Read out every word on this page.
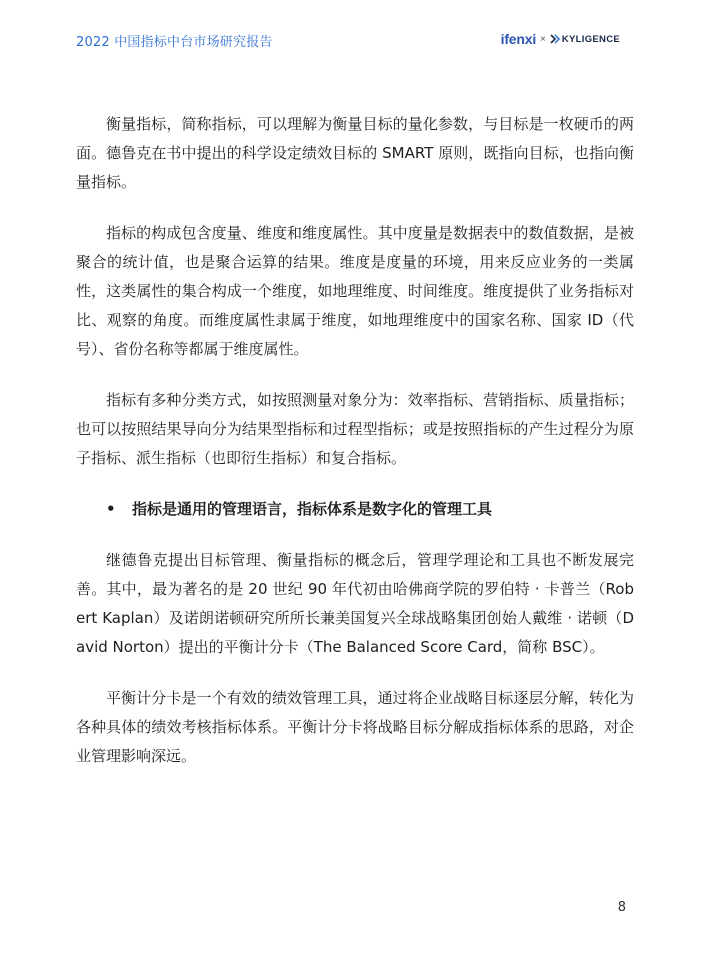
2022 中国指标中台市场研究报告	ifenxi × KYLIGENCE

衡量指标，简称指标，可以理解为衡量目标的量化参数，与目标是一枚硬币的两面。德鲁克在书中提出的科学设定绩效目标的 SMART 原则，既指向目标，也指向衡量指标。

指标的构成包含度量、维度和维度属性。其中度量是数据表中的数值数据，是被聚合的统计值，也是聚合运算的结果。维度是度量的环境，用来反应业务的一类属性，这类属性的集合构成一个维度，如地理维度、时间维度。维度提供了业务指标对比、观察的角度。而维度属性隶属于维度，如地理维度中的国家名称、国家 ID（代号）、省份名称等都属于维度属性。

指标有多种分类方式，如按照测量对象分为：效率指标、营销指标、质量指标；也可以按照结果导向分为结果型指标和过程型指标；或是按照指标的产生过程分为原子指标、派生指标（也即衍生指标）和复合指标。

• 指标是通用的管理语言，指标体系是数字化的管理工具

继德鲁克提出目标管理、衡量指标的概念后，管理学理论和工具也不断发展完善。其中，最为著名的是 20 世纪 90 年代初由哈佛商学院的罗伯特 · 卡普兰（Robert Kaplan）及诺朗诺顿研究所所长兼美国复兴全球战略集团创始人戴维 · 诺顿（David Norton）提出的平衡计分卡（The Balanced Score Card，简称 BSC）。

平衡计分卡是一个有效的绩效管理工具，通过将企业战略目标逐层分解，转化为各种具体的绩效考核指标体系。平衡计分卡将战略目标分解成指标体系的思路，对企业管理影响深远。

8
